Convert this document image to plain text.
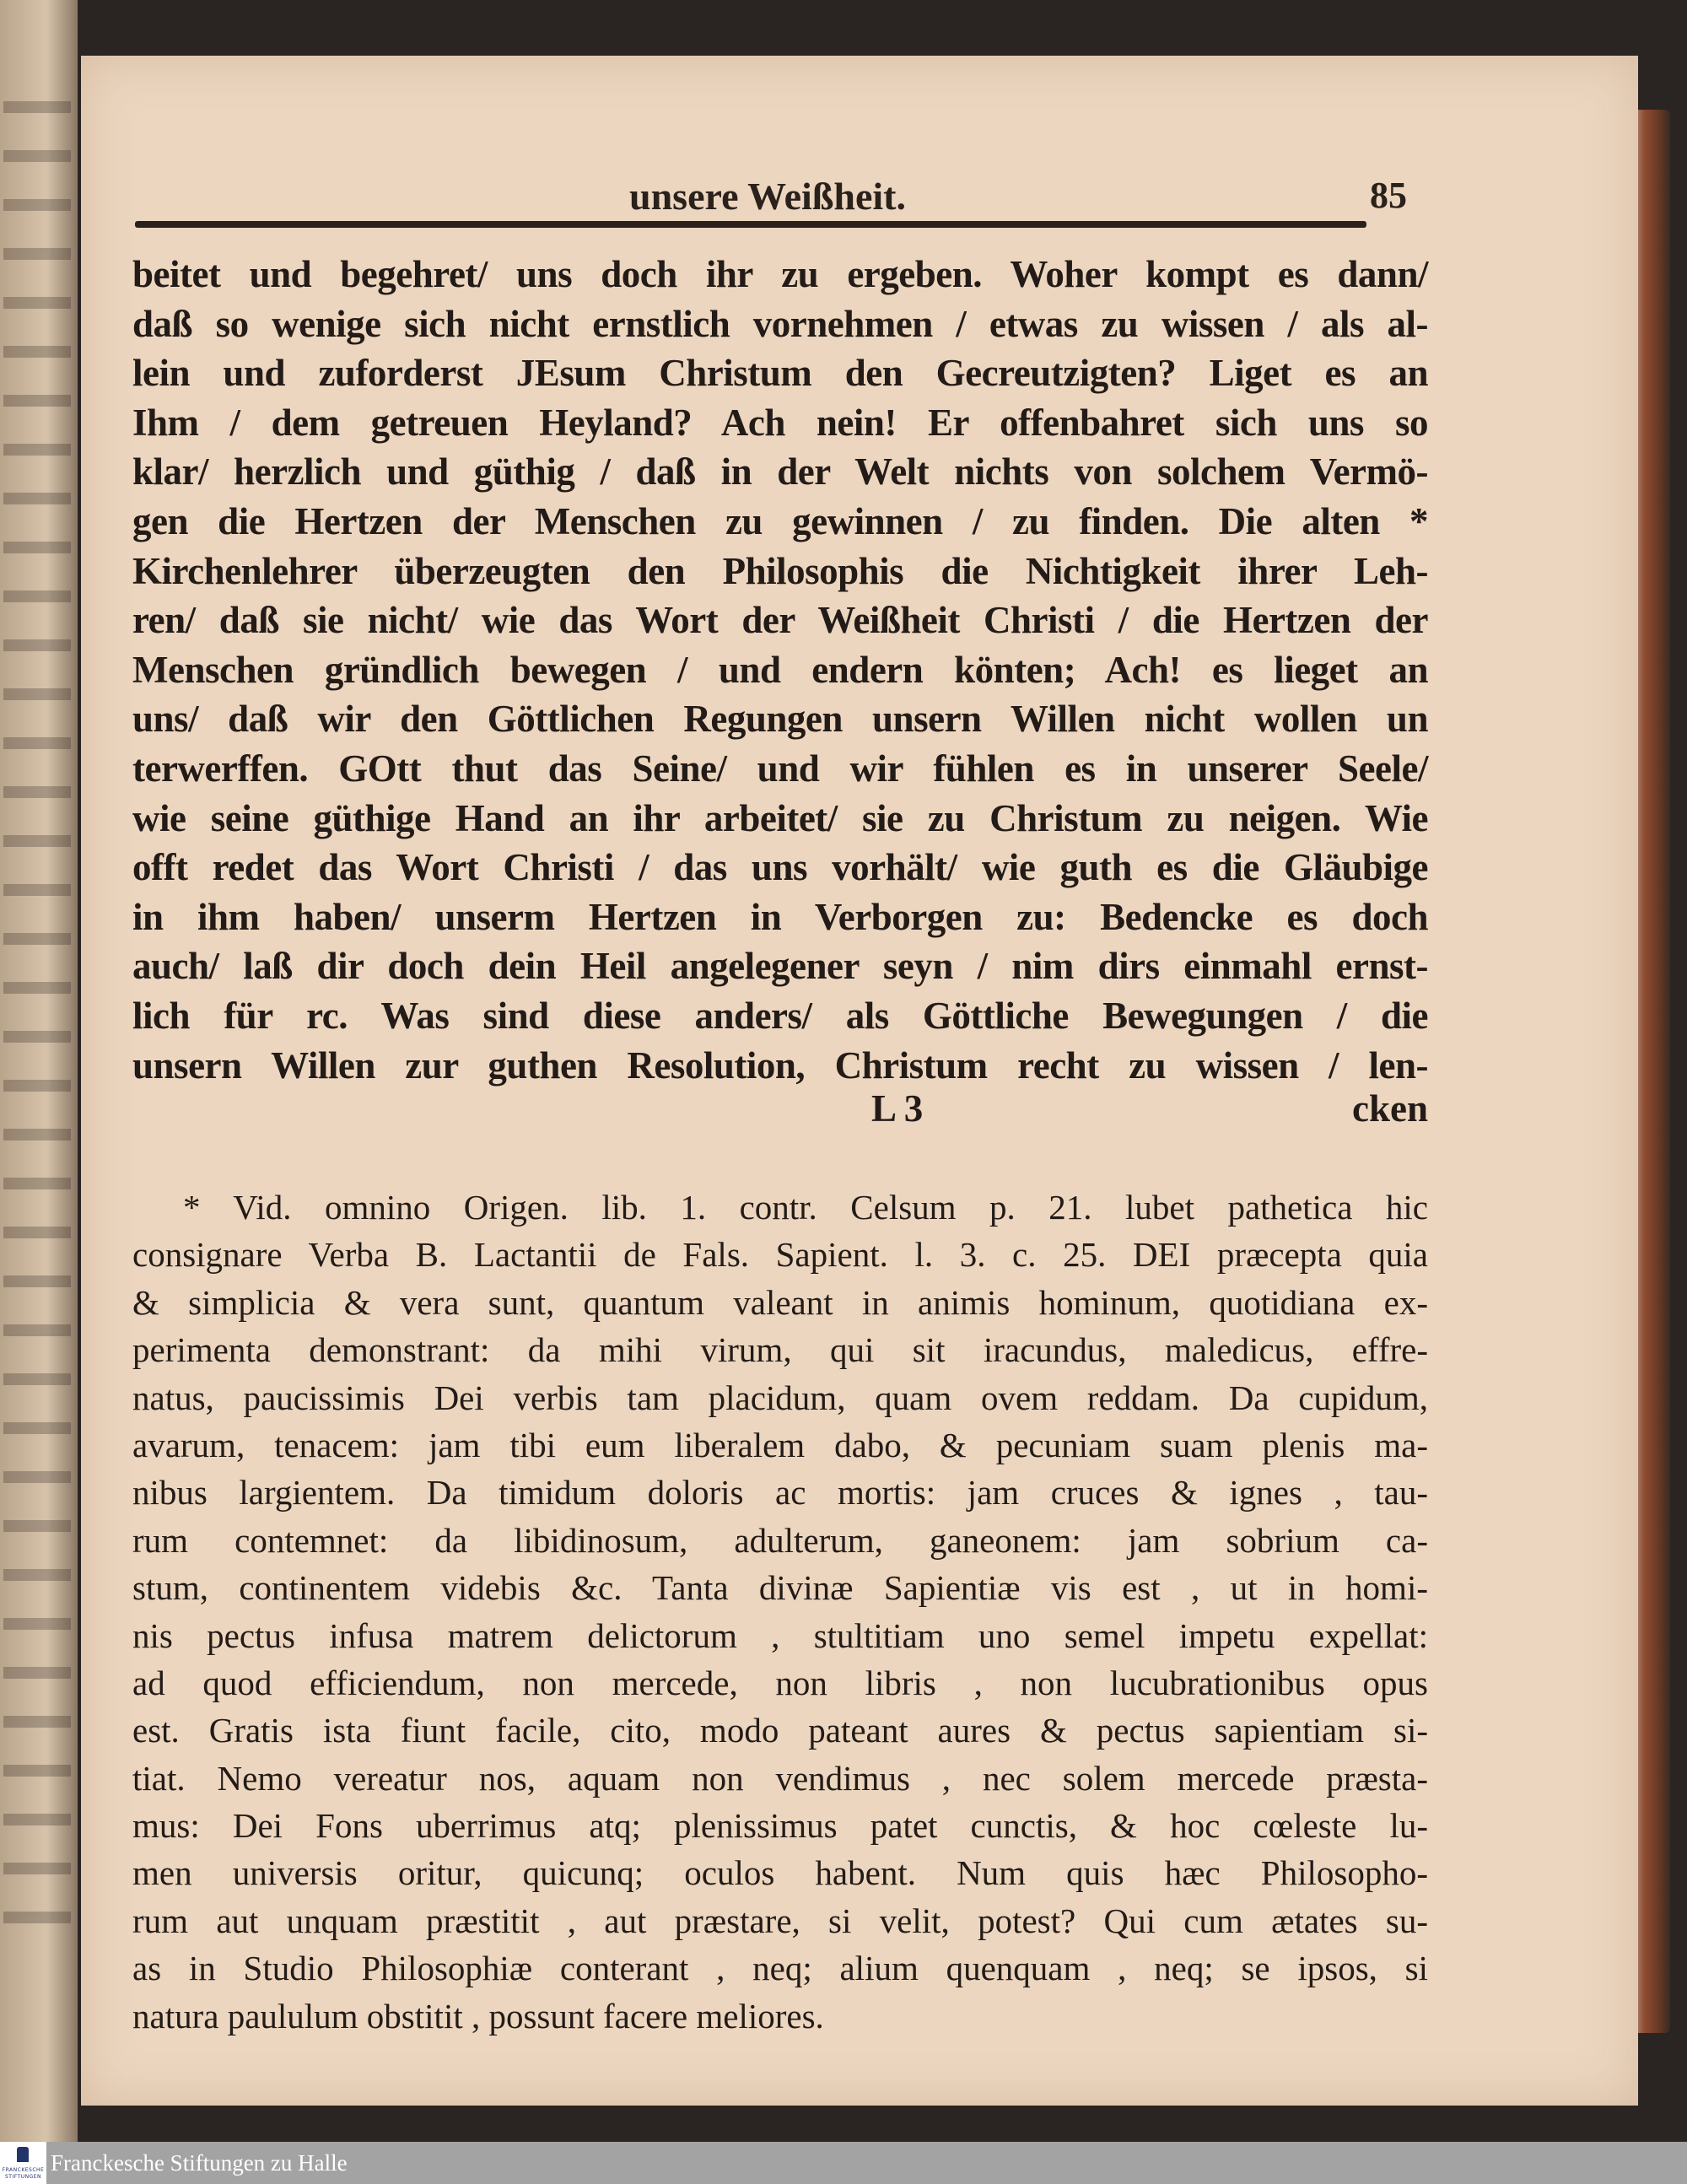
unsere Weißheit.	85
beitet und begehret/ uns doch ihr zu ergeben. Woher kompt es dann/
daß so wenige sich nicht ernstlich vornehmen / etwas zu wissen / als al-
lein und zuforderst JEsum Christum den Gecreutzigten? Liget es an
Ihm / dem getreuen Heyland? Ach nein! Er offenbahret sich uns so
klar/ herzlich und güthig / daß in der Welt nichts von solchem Vermö-
gen die Hertzen der Menschen zu gewinnen / zu finden. Die alten *
Kirchenlehrer überzeugten den Philosophis die Nichtigkeit ihrer Leh-
ren/ daß sie nicht/ wie das Wort der Weißheit Christi / die Hertzen der
Menschen gründlich bewegen / und endern könten; Ach! es lieget an
uns/ daß wir den Göttlichen Regungen unsern Willen nicht wollen un
terwerffen. GOtt thut das Seine/ und wir fühlen es in unserer Seele/
wie seine güthige Hand an ihr arbeitet/ sie zu Christum zu neigen. Wie
offt redet das Wort Christi / das uns vorhält/ wie guth es die Gläubige
in ihm haben/ unserm Hertzen in Verborgen zu: Bedencke es doch
auch/ laß dir doch dein Heil angelegener seyn / nim dirs einmahl ernst-
lich für rc. Was sind diese anders/ als Göttliche Bewegungen / die
unsern Willen zur guthen Resolution, Christum recht zu wissen / len-
L 3	cken
* Vid. omnino Origen. lib. 1. contr. Celsum p. 21. lubet pathetica hic
consignare Verba B. Lactantii de Fals. Sapient. l. 3. c. 25. DEI præcepta quia
& simplicia & vera sunt, quantum valeant in animis hominum, quotidiana ex-
perimenta demonstrant: da mihi virum, qui sit iracundus, maledicus, effre-
natus, paucissimis Dei verbis tam placidum, quam ovem reddam. Da cupidum,
avarum, tenacem: jam tibi eum liberalem dabo, & pecuniam suam plenis ma-
nibus largientem. Da timidum doloris ac mortis: jam cruces & ignes , tau-
rum contemnet: da libidinosum, adulterum, ganeonem: jam sobrium ca-
stum, continentem videbis &c. Tanta divinæ Sapientiæ vis est , ut in homi-
nis pectus infusa matrem delictorum , stultitiam uno semel impetu expellat:
ad quod efficiendum, non mercede, non libris , non lucubrationibus opus
est. Gratis ista fiunt facile, cito, modo pateant aures & pectus sapientiam si-
tiat. Nemo vereatur nos, aquam non vendimus , nec solem mercede præsta-
mus: Dei Fons uberrimus atq; plenissimus patet cunctis, & hoc cœleste lu-
men universis oritur, quicunq; oculos habent. Num quis hæc Philosopho-
rum aut unquam præstitit , aut præstare, si velit, potest? Qui cum ætates su-
as in Studio Philosophiæ conterant , neq; alium quenquam , neq; se ipsos, si
natura paululum obstitit , possunt facere meliores.
FRANCKESCHE
STIFTUNGEN
Franckesche Stiftungen zu Halle
